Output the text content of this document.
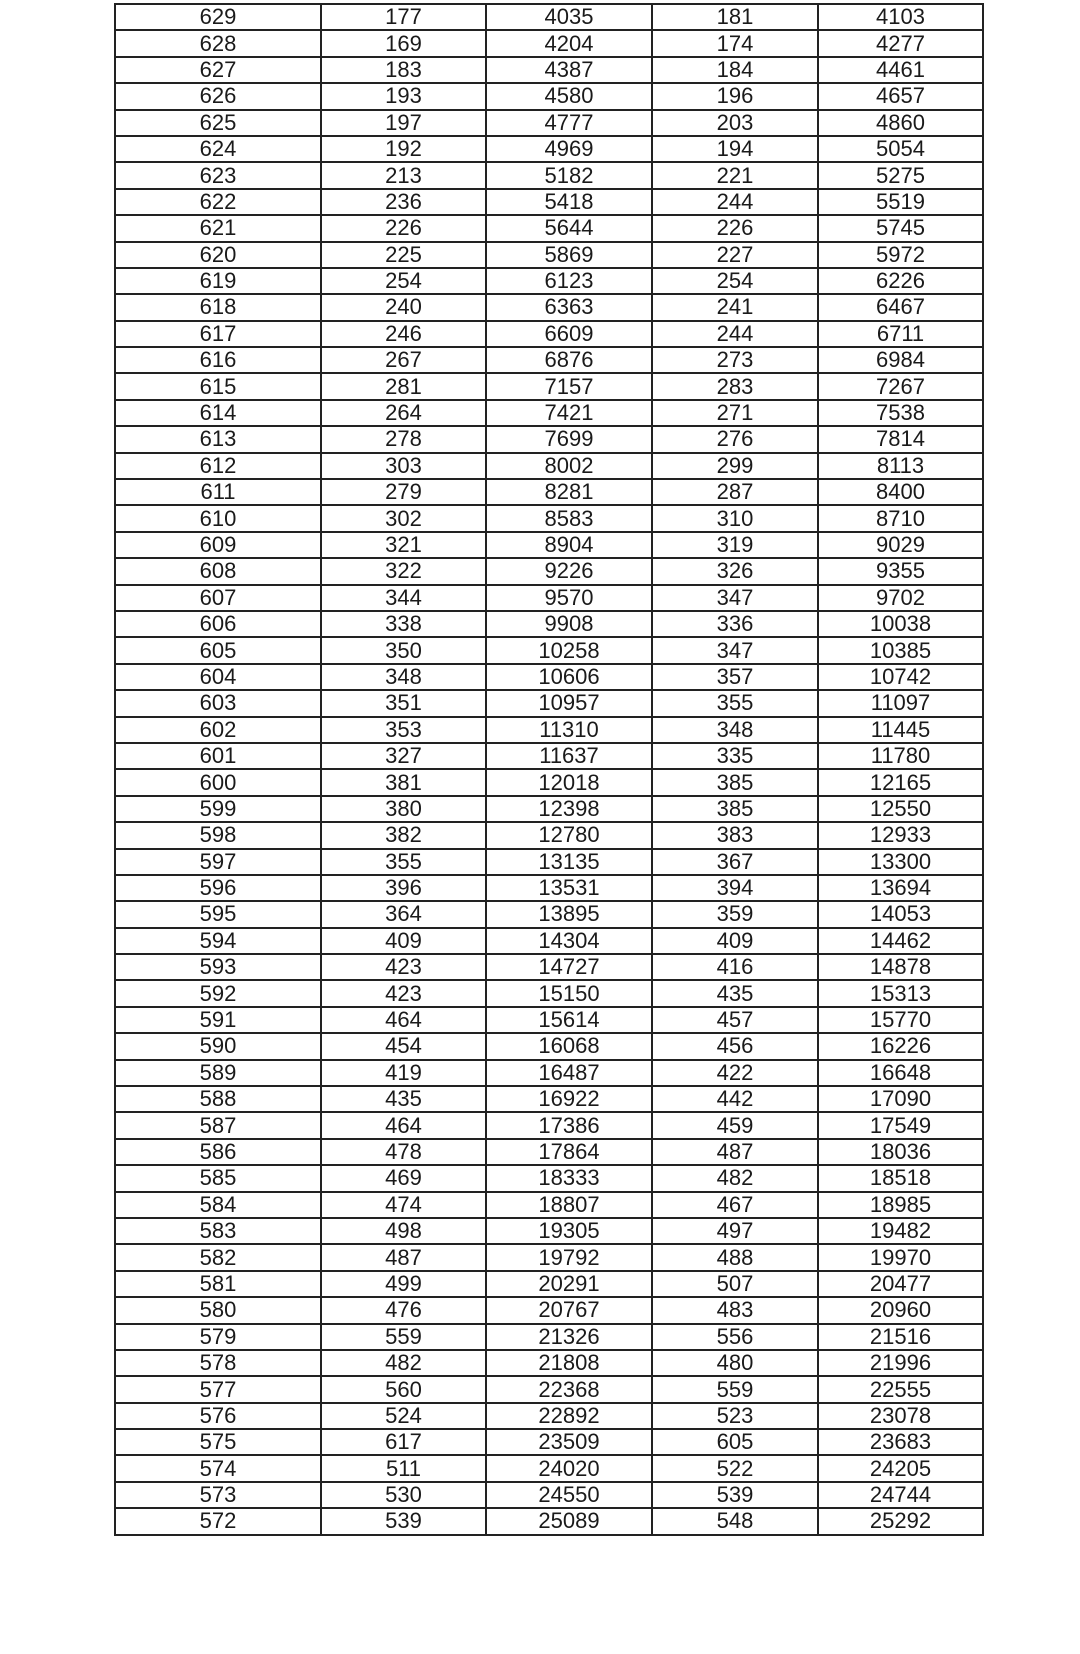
629	177	4035	181	4103
628	169	4204	174	4277
627	183	4387	184	4461
626	193	4580	196	4657
625	197	4777	203	4860
624	192	4969	194	5054
623	213	5182	221	5275
622	236	5418	244	5519
621	226	5644	226	5745
620	225	5869	227	5972
619	254	6123	254	6226
618	240	6363	241	6467
617	246	6609	244	6711
616	267	6876	273	6984
615	281	7157	283	7267
614	264	7421	271	7538
613	278	7699	276	7814
612	303	8002	299	8113
611	279	8281	287	8400
610	302	8583	310	8710
609	321	8904	319	9029
608	322	9226	326	9355
607	344	9570	347	9702
606	338	9908	336	10038
605	350	10258	347	10385
604	348	10606	357	10742
603	351	10957	355	11097
602	353	11310	348	11445
601	327	11637	335	11780
600	381	12018	385	12165
599	380	12398	385	12550
598	382	12780	383	12933
597	355	13135	367	13300
596	396	13531	394	13694
595	364	13895	359	14053
594	409	14304	409	14462
593	423	14727	416	14878
592	423	15150	435	15313
591	464	15614	457	15770
590	454	16068	456	16226
589	419	16487	422	16648
588	435	16922	442	17090
587	464	17386	459	17549
586	478	17864	487	18036
585	469	18333	482	18518
584	474	18807	467	18985
583	498	19305	497	19482
582	487	19792	488	19970
581	499	20291	507	20477
580	476	20767	483	20960
579	559	21326	556	21516
578	482	21808	480	21996
577	560	22368	559	22555
576	524	22892	523	23078
575	617	23509	605	23683
574	511	24020	522	24205
573	530	24550	539	24744
572	539	25089	548	25292
